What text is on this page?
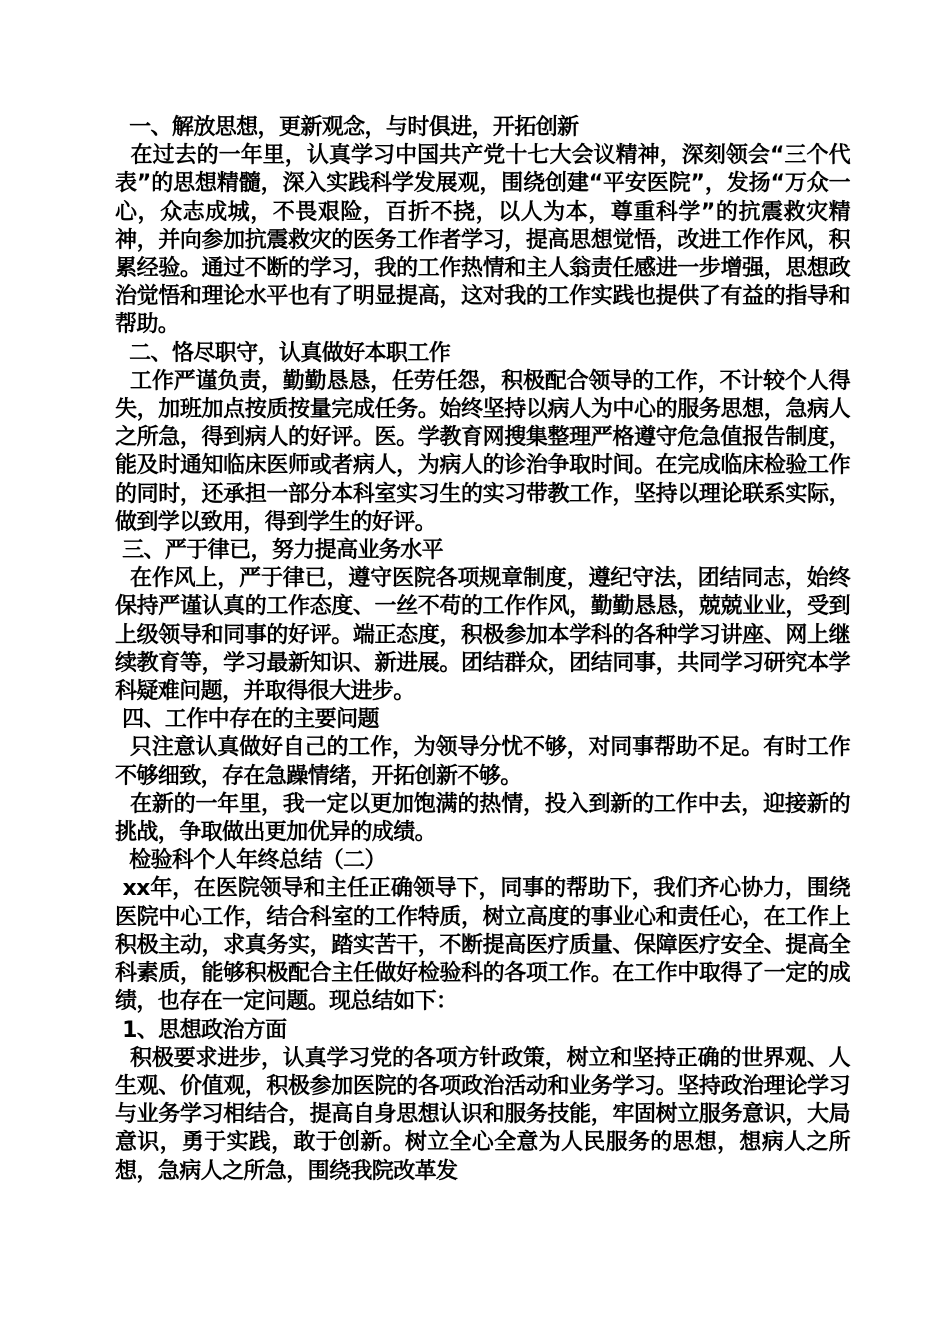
一、解放思想，更新观念，与时俱进，开拓创新

在过去的一年里，认真学习中国共产党十七大会议精神，深刻领会“三个代表”的思想精髓，深入实践科学发展观，围绕创建“平安医院”，发扬“万众一心，众志成城，不畏艰险，百折不挠，以人为本，尊重科学”的抗震救灾精神，并向参加抗震救灾的医务工作者学习，提高思想觉悟，改进工作作风，积累经验。通过不断的学习，我的工作热情和主人翁责任感进一步增强，思想政治觉悟和理论水平也有了明显提高，这对我的工作实践也提供了有益的指导和帮助。

二、恪尽职守，认真做好本职工作

工作严谨负责，勤勤恳恳，任劳任怨，积极配合领导的工作，不计较个人得失，加班加点按质按量完成任务。始终坚持以病人为中心的服务思想，急病人之所急，得到病人的好评。医。学教育网搜集整理严格遵守危急值报告制度，能及时通知临床医师或者病人，为病人的诊治争取时间。在完成临床检验工作的同时，还承担一部分本科室实习生的实习带教工作，坚持以理论联系实际，做到学以致用，得到学生的好评。

三、严于律已，努力提高业务水平

在作风上，严于律已，遵守医院各项规章制度，遵纪守法，团结同志，始终保持严谨认真的工作态度、一丝不苟的工作作风，勤勤恳恳，兢兢业业，受到上级领导和同事的好评。端正态度，积极参加本学科的各种学习讲座、网上继续教育等，学习最新知识、新进展。团结群众，团结同事，共同学习研究本学科疑难问题，并取得很大进步。

四、工作中存在的主要问题

只注意认真做好自己的工作，为领导分忧不够，对同事帮助不足。有时工作不够细致，存在急躁情绪，开拓创新不够。

在新的一年里，我一定以更加饱满的热情，投入到新的工作中去，迎接新的挑战，争取做出更加优异的成绩。

检验科个人年终总结（二）

xx年，在医院领导和主任正确领导下，同事的帮助下，我们齐心协力，围绕医院中心工作，结合科室的工作特质，树立高度的事业心和责任心，在工作上积极主动，求真务实，踏实苦干，不断提高医疗质量、保障医疗安全、提高全科素质，能够积极配合主任做好检验科的各项工作。在工作中取得了一定的成绩，也存在一定问题。现总结如下：

1、思想政治方面

积极要求进步，认真学习党的各项方针政策，树立和坚持正确的世界观、人生观、价值观，积极参加医院的各项政治活动和业务学习。坚持政治理论学习与业务学习相结合，提高自身思想认识和服务技能，牢固树立服务意识，大局意识，勇于实践，敢于创新。树立全心全意为人民服务的思想，想病人之所想，急病人之所急，围绕我院改革发
